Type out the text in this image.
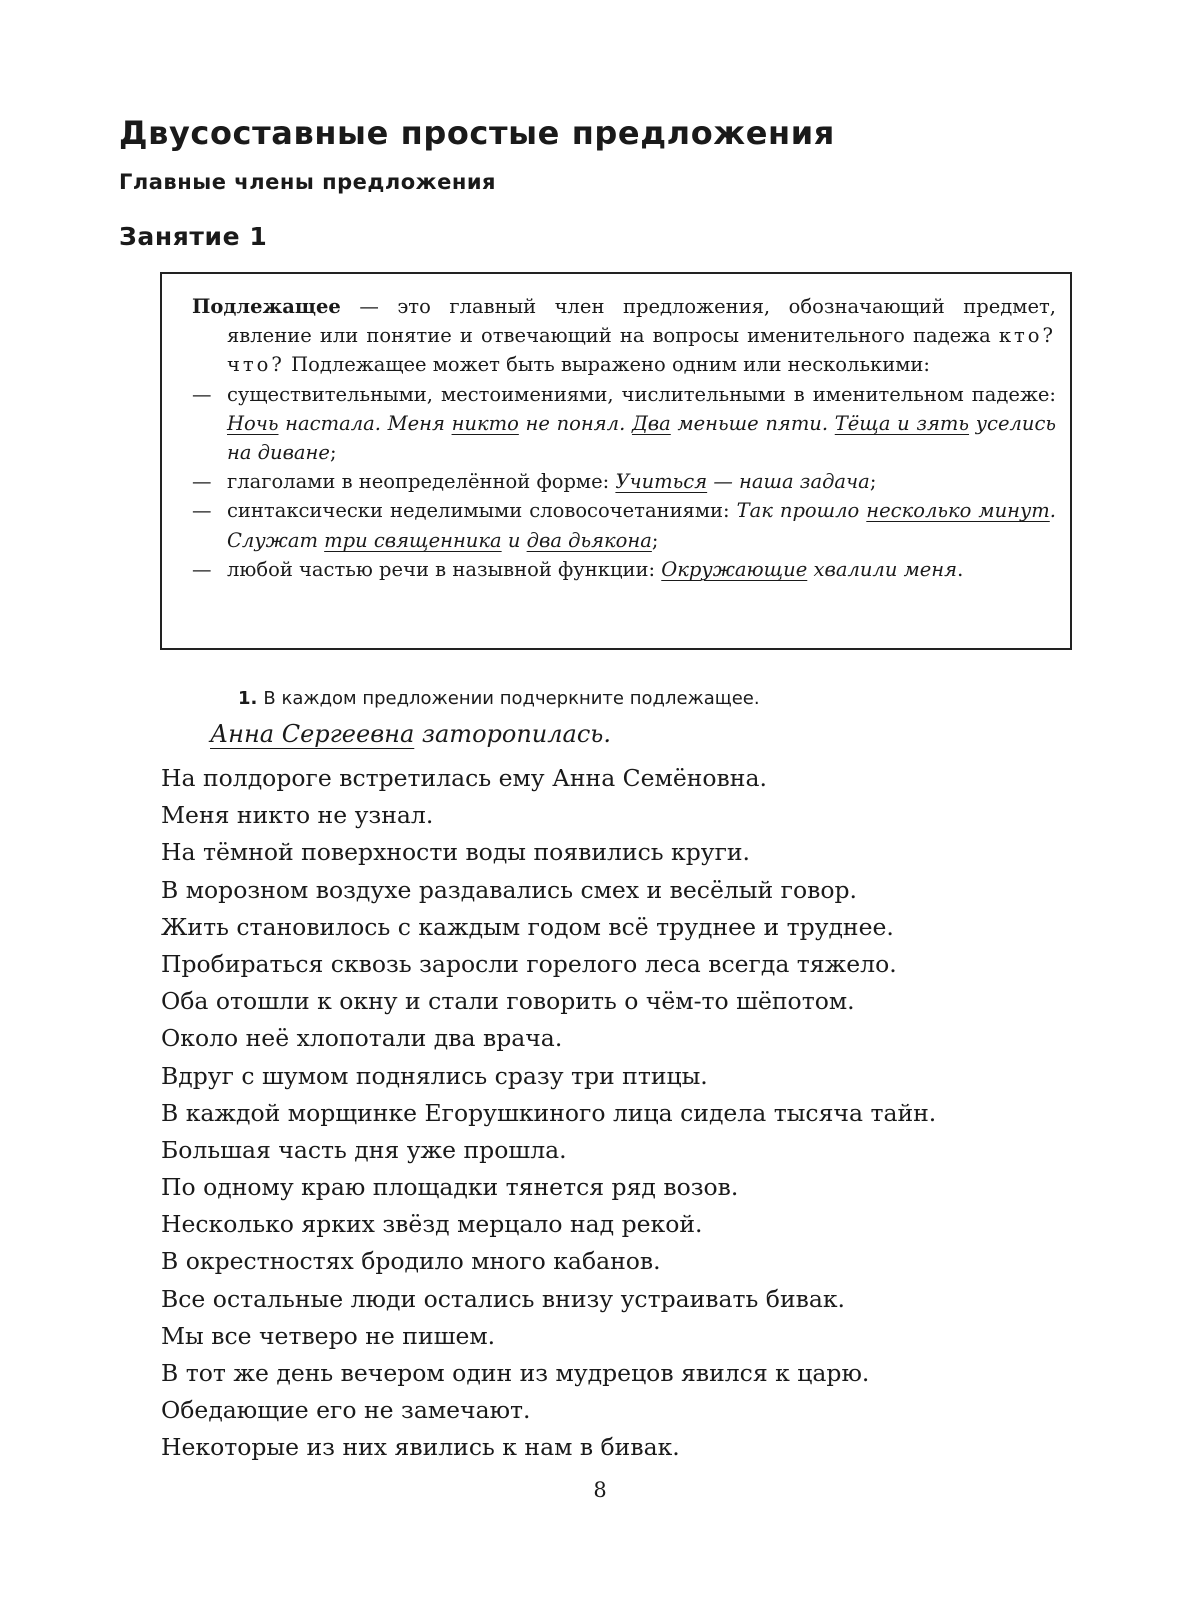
Двусоставные простые предложения
Главные члены предложения
Занятие 1

Подлежащее — это главный член предложения, обозначающий предмет, явление или понятие и отвечающий на вопросы именительного падежа кто? что? Подлежащее может быть выражено одним или несколькими:

— существительными, местоимениями, числительными в именительном падеже: Ночь настала. Меня никто не понял. Два меньше пяти. Тёща и зять уселись на диване;

— глаголами в неопределённой форме: Учиться — наша задача;

— синтаксически неделимыми словосочетаниями: Так прошло несколько минут. Служат три священника и два дьякона;

— любой частью речи в назывной функции: Окружающие хвалили меня.

1. В каждом предложении подчеркните подлежащее.
Анна Сергеевна заторопилась.
На полдороге встретилась ему Анна Семёновна.
Меня никто не узнал.
На тёмной поверхности воды появились круги.
В морозном воздухе раздавались смех и весёлый говор.
Жить становилось с каждым годом всё труднее и труднее.
Пробираться сквозь заросли горелого леса всегда тяжело.
Оба отошли к окну и стали говорить о чём-то шёпотом.
Около неё хлопотали два врача.
Вдруг с шумом поднялись сразу три птицы.
В каждой морщинке Егорушкиного лица сидела тысяча тайн.
Большая часть дня уже прошла.
По одному краю площадки тянется ряд возов.
Несколько ярких звёзд мерцало над рекой.
В окрестностях бродило много кабанов.
Все остальные люди остались внизу устраивать бивак.
Мы все четверо не пишем.
В тот же день вечером один из мудрецов явился к царю.
Обедающие его не замечают.
Некоторые из них явились к нам в бивак.
8
